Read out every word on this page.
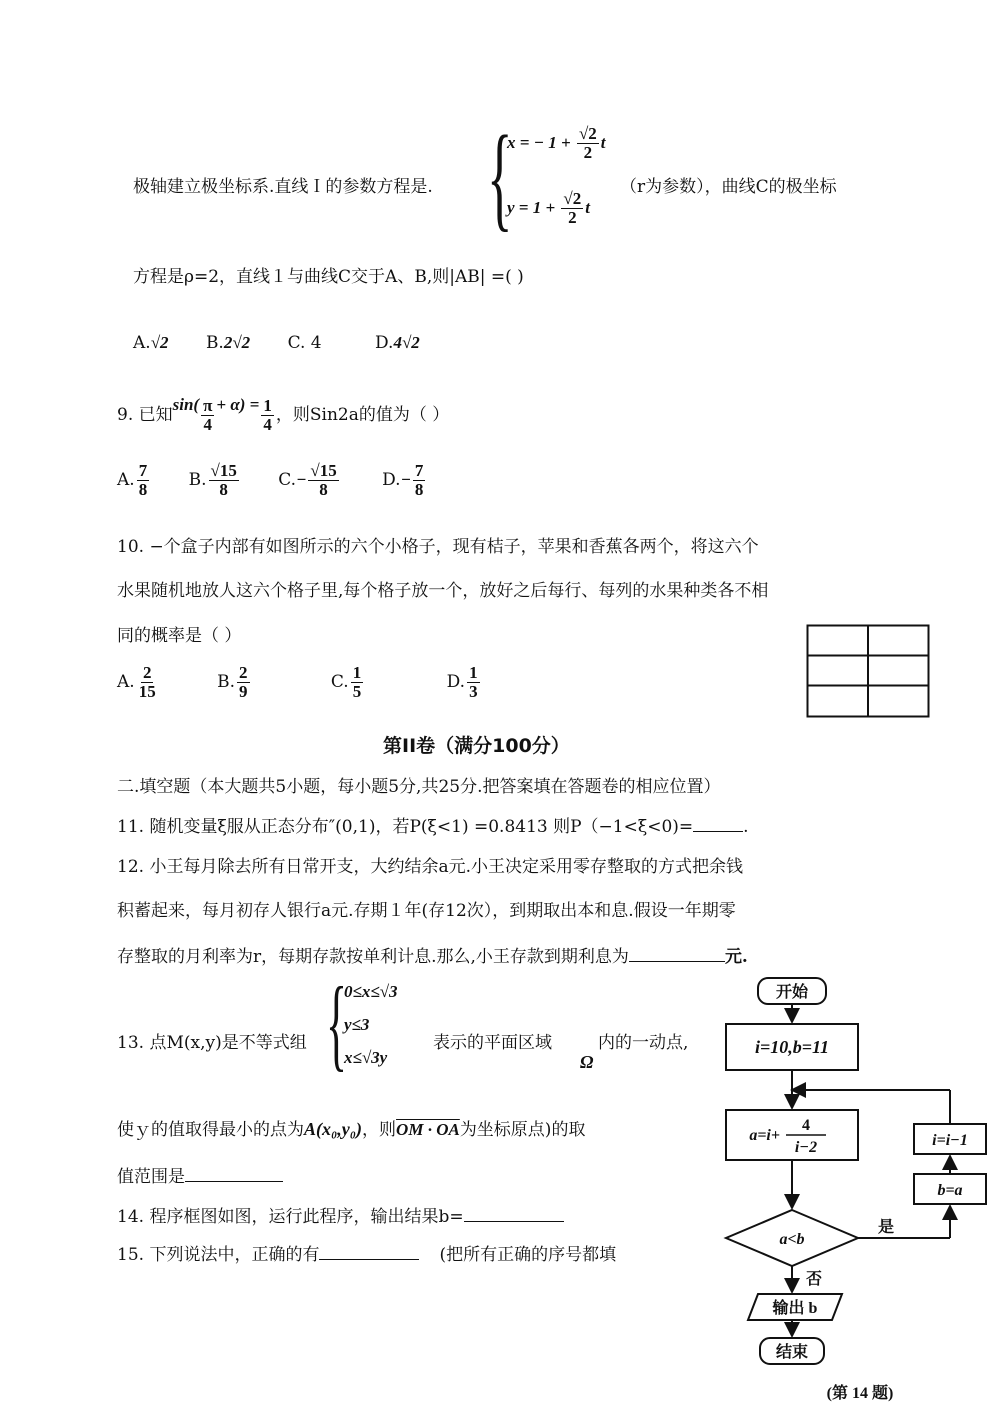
极轴建立极坐标系.直线Ｉ的参数方程是. {
x = − $1 + \frac{√2}{2}$ t
$y = 1 + \frac{√2}{2}$ t
（r为参数），曲线C的极坐标
方程是ρ=2，直线１与曲线C交于A、B,则|AB| =( )
A.√2 B.2√2 C. 4	D.4√2
9. 已知$\sin( \frac{\pi}{4} + \alpha) = \frac{1}{4}$ ，则Sin2a的值为（ ）
A. $\frac{7}{8} B$. $\frac{√15}{8} C.- \frac{√15}{8}$	$D.- \frac{7}{8}$
10. −个盒子内部有如图所示的六个小格子，现有桔子，苹果和香蕉各两个，将这六个
水果随机地放人这六个格子里,每个格子放一个，放好之后每行、每列的水果种类各不相
同的概率是（ ）
A. $\frac{2}{15}$	B. $\frac{2}{9}$	C. $\frac{1}{5}$	D. $\frac{1}{3}$
第II卷（满分100分）
二.填空题（本大题共5小题，每小题5分,共25分.把答案填在答题卷的相应位置）
11. 随机变量ξ服从正态分布″(0,1)，若P(ξ<1) =0.8413 则P（−1<ξ<0)=	.
12. 小王每月除去所有日常开支，大约结余a元.小王决定采用零存整取的方式把余钱
积蓄起来，每月初存人银行a元.存期１年(存12次），到期取出本和息.假设一年期零
存整取的月利率为r，每期存款按单利计息.那么,小王存款到期利息为	元.
13. 点M(x,y)是不等式组 {
0≤x≤√3
y≤3
x≤√3y
表示的平面区域
Ω
内的一动点,
使ｙ的值取得最小的点为A(x₀,y₀)，则OM · OA为坐标原点)的取
值范围是
14. 程序框图如图，运行此程序，输出结果b=
15. 下列说法中，正确的有	(把所有正确的序号都填
开始
i=10,b=11
a=i+
4
i−2
a<b
是
否
i=i−1
b=a
输出 b
结束
(第 14 题)
